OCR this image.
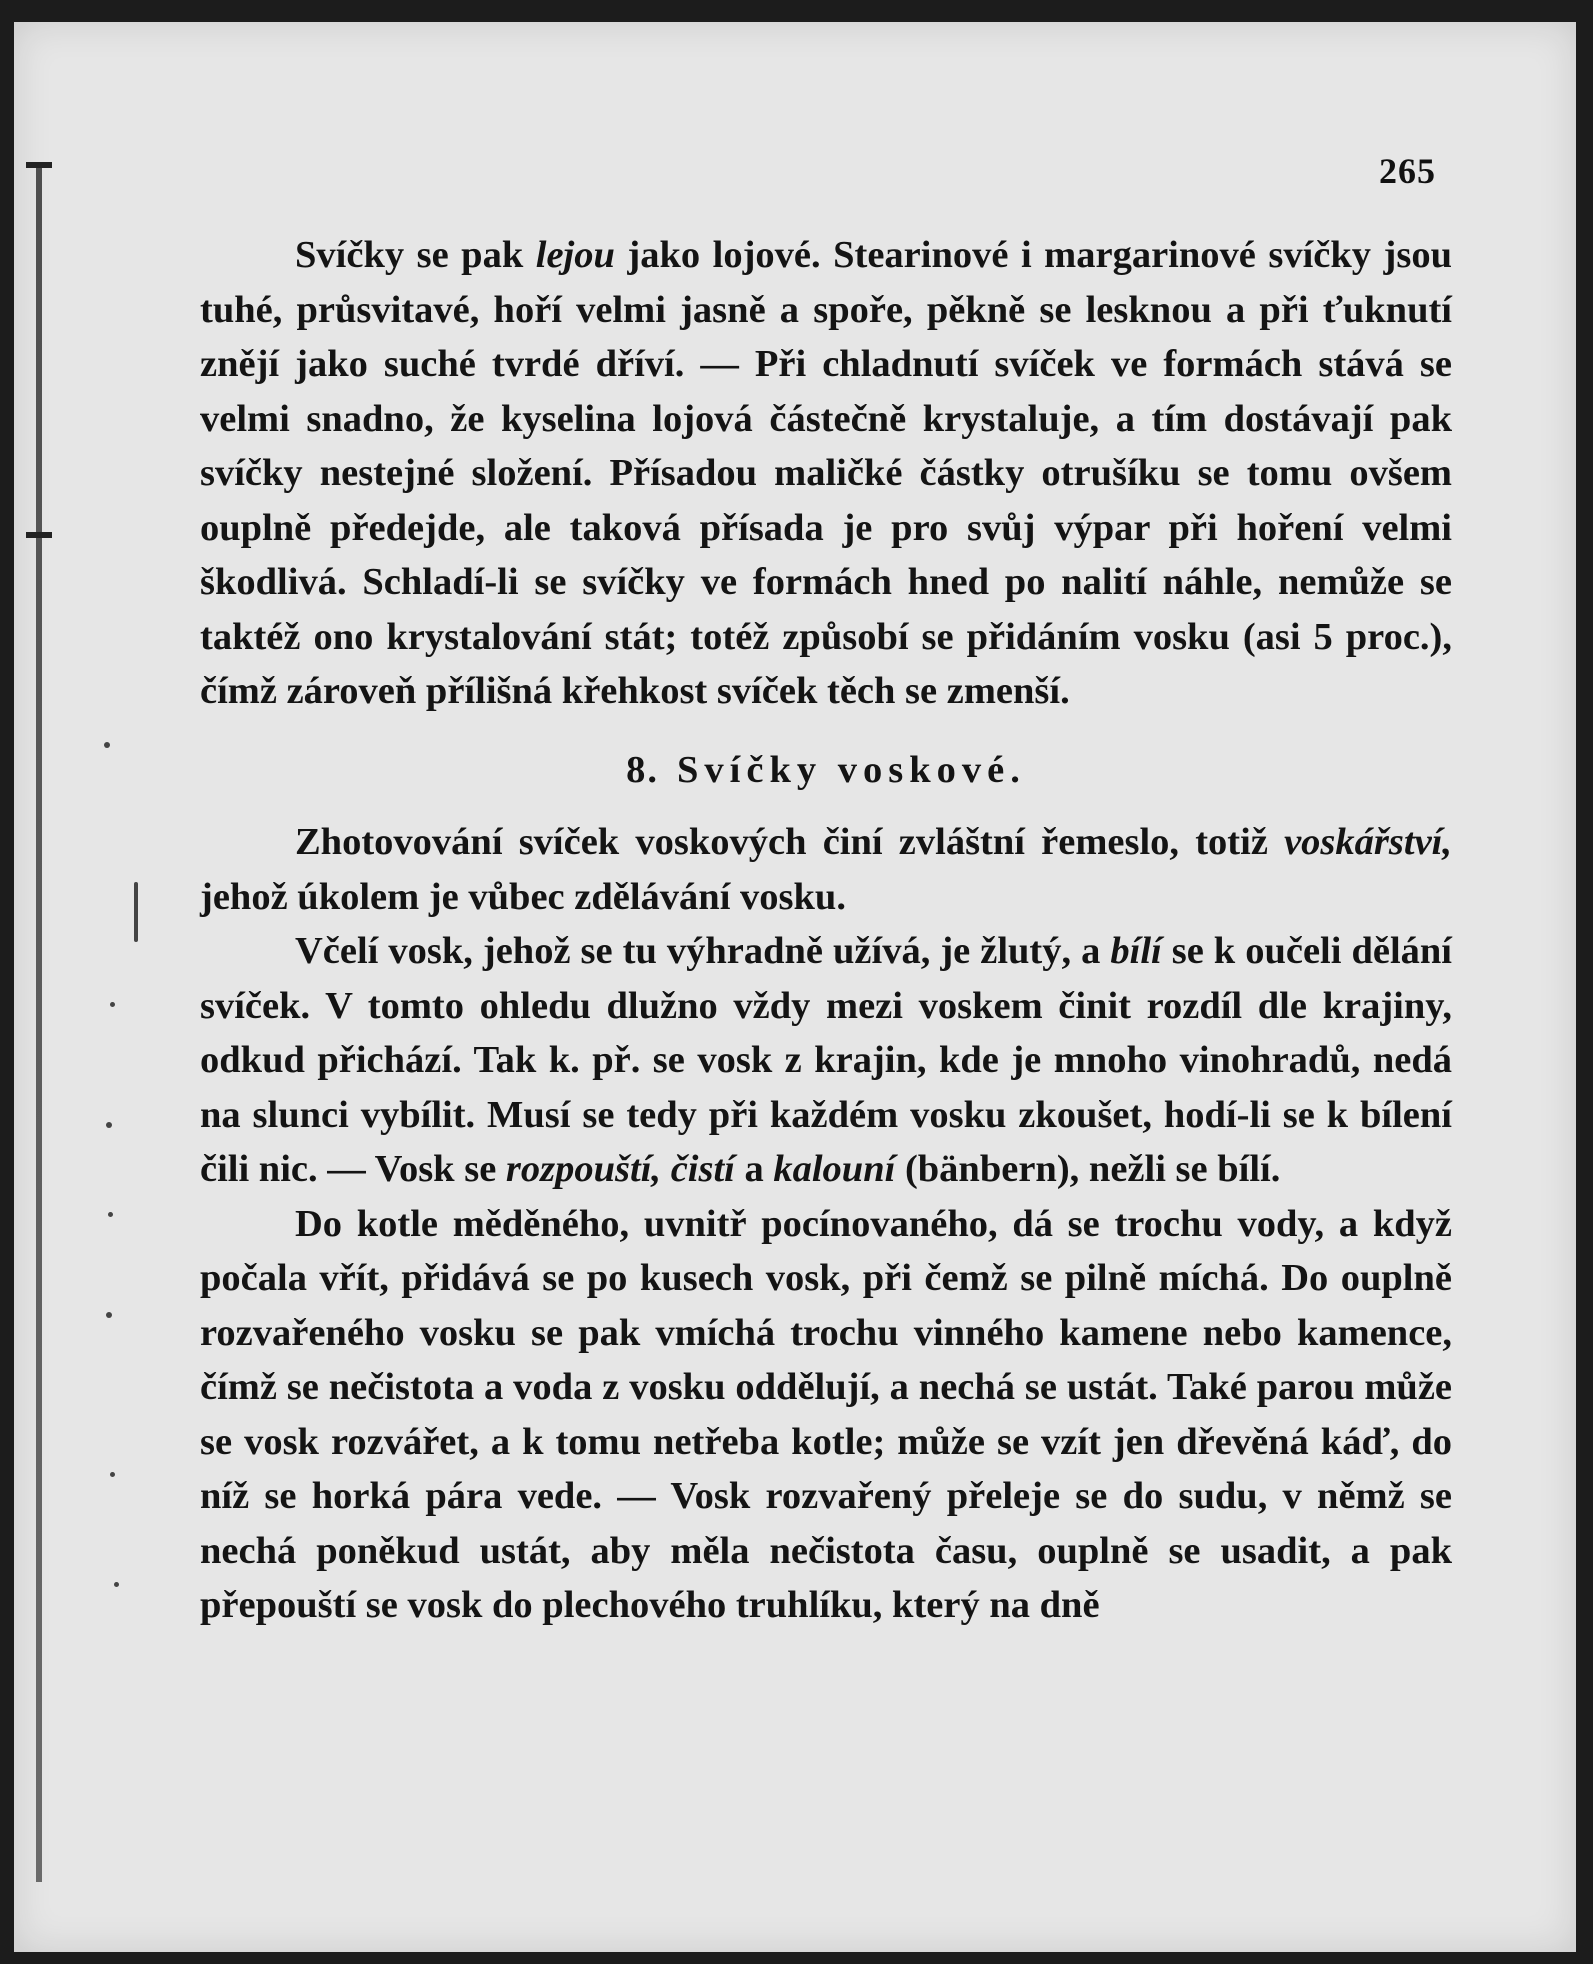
265

Svíčky se pak lejou jako lojové. Stearinové i margarinové svíčky jsou tuhé, průsvitavé, hoří velmi jasně a spoře, pěkně se lesknou a při ťuknutí znějí jako suché tvrdé dříví. — Při chladnutí svíček ve formách stává se velmi snadno, že kyselina lojová částečně krystaluje, a tím dostávají pak svíčky nestejné složení. Přísadou maličké částky otrušíku se tomu ovšem ouplně předejde, ale taková přísada je pro svůj výpar při hoření velmi škodlivá. Schladí-li se svíčky ve formách hned po nalití náhle, nemůže se taktéž ono krystalování stát; totéž způsobí se přidáním vosku (asi 5 proc.), čímž zároveň přílišná křehkost svíček těch se zmenší.

8. Svíčky voskové.

Zhotovování svíček voskových činí zvláštní řemeslo, totiž voskářství, jehož úkolem je vůbec zdělávání vosku.

Včelí vosk, jehož se tu výhradně užívá, je žlutý, a bílí se k oučeli dělání svíček. V tomto ohledu dlužno vždy mezi voskem činit rozdíl dle krajiny, odkud přichází. Tak k. př. se vosk z krajin, kde je mnoho vinohradů, nedá na slunci vybílit. Musí se tedy při každém vosku zkoušet, hodí-li se k bílení čili nic. — Vosk se rozpouští, čistí a kalouní (bänbern), nežli se bílí.

Do kotle měděného, uvnitř pocínovaného, dá se trochu vody, a když počala vřít, přidává se po kusech vosk, při čemž se pilně míchá. Do ouplně rozvařeného vosku se pak vmíchá trochu vinného kamene nebo kamence, čímž se nečistota a voda z vosku oddělují, a nechá se ustát. Také parou může se vosk rozvářet, a k tomu netřeba kotle; může se vzít jen dřevěná káď, do níž se horká pára vede. — Vosk rozvařený přeleje se do sudu, v němž se nechá poněkud ustát, aby měla nečistota času, ouplně se usadit, a pak přepouští se vosk do plechového truhlíku, který na dně
